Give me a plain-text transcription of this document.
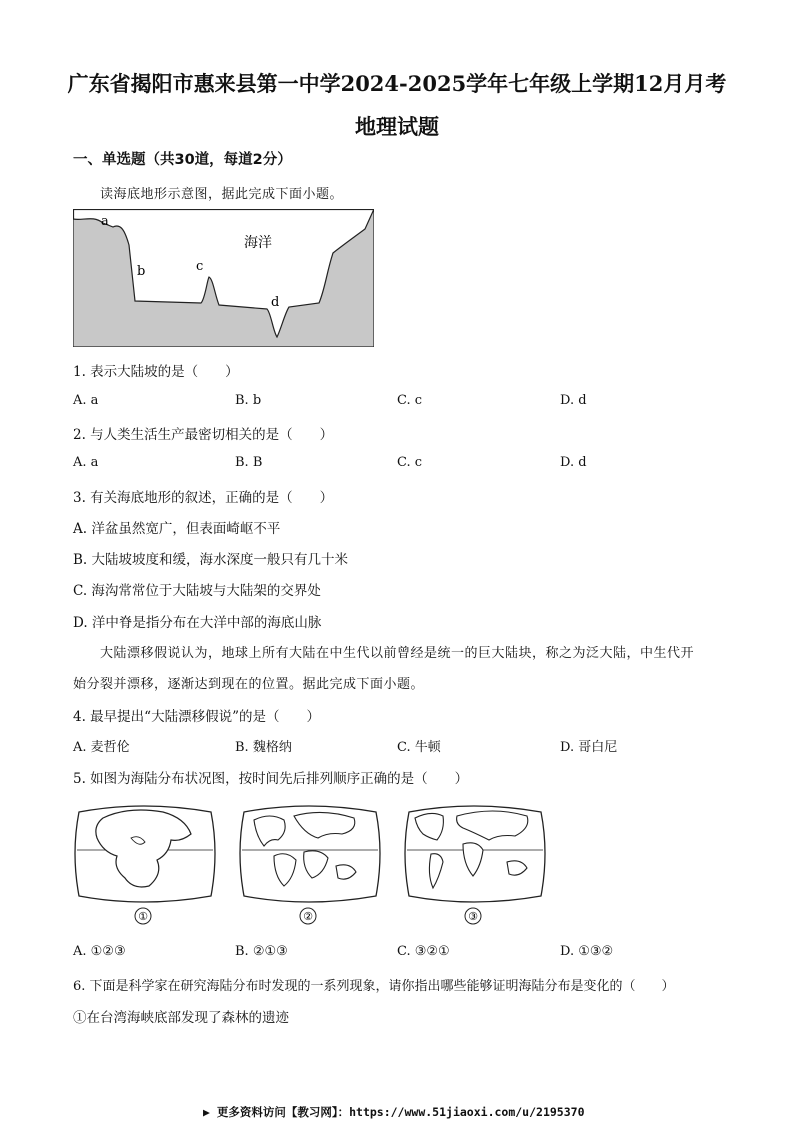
广东省揭阳市惠来县第一中学2024-2025学年七年级上学期12月月考
地理试题
一、单选题（共30道，每道2分）
读海底地形示意图，据此完成下面小题。
a
b	c
d
海洋
1. 表示大陆坡的是（　　）
A. a	B. b	C. c	D. d
2. 与人类生活生产最密切相关的是（　　）
A. a	B. B	C. c	D. d
3. 有关海底地形的叙述，正确的是（　　）
A. 洋盆虽然宽广，但表面崎岖不平
B. 大陆坡坡度和缓，海水深度一般只有几十米
C. 海沟常常位于大陆坡与大陆架的交界处
D. 洋中脊是指分布在大洋中部的海底山脉
大陆漂移假说认为，地球上所有大陆在中生代以前曾经是统一的巨大陆块，称之为泛大陆，中生代开
始分裂并漂移，逐渐达到现在的位置。据此完成下面小题。
4. 最早提出“大陆漂移假说”的是（　　）
A. 麦哲伦	B. 魏格纳	C. 牛顿	D. 哥白尼
5. 如图为海陆分布状况图，按时间先后排列顺序正确的是（　　）
①	②	③
A. ①②③	B. ②①③	C. ③②①	D. ①③②
6. 下面是科学家在研究海陆分布时发现的一系列现象，请你指出哪些能够证明海陆分布是变化的（　　）
①在台湾海峡底部发现了森林的遗迹
▶ 更多资料访问【教习网】：https://www.51jiaoxi.com/u/2195370
